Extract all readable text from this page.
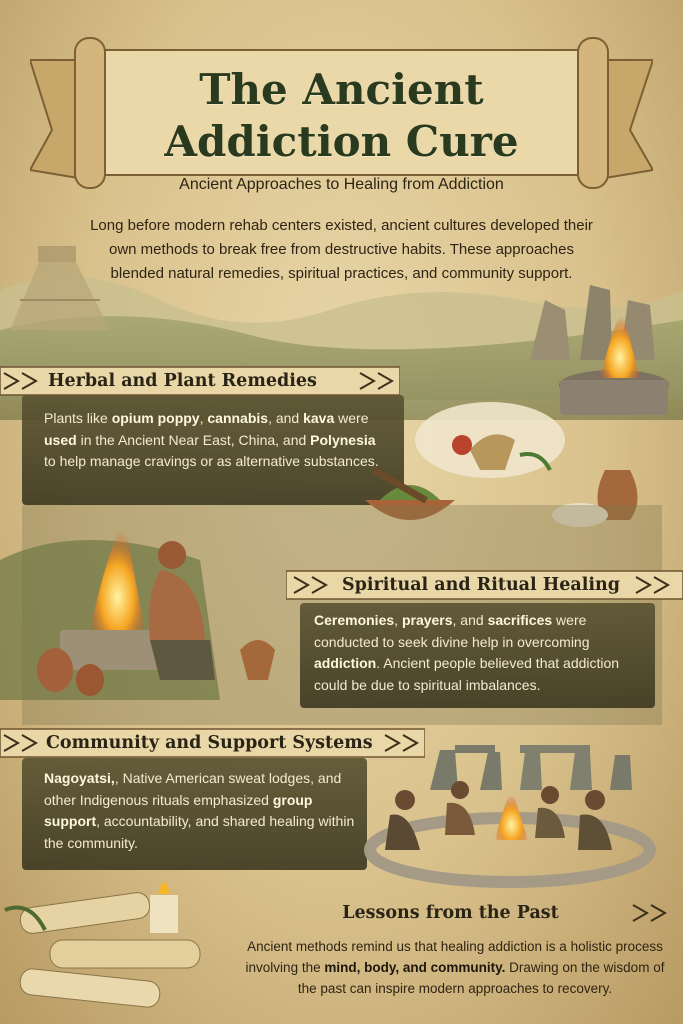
The Ancient
Addiction Cure
Ancient Approaches to Healing from Addiction
Long before modern rehab centers existed, ancient cultures developed their own methods to break free from destructive habits. These approaches blended natural remedies, spiritual practices, and community support.
Herbal and Plant Remedies
Plants like opium poppy, cannabis, and kava were used in the Ancient Near East, China, and Polynesia to help manage cravings or as alternative substances.
Spiritual and Ritual Healing
Ceremonies, prayers, and sacrifices were conducted to seek divine help in overcoming addiction. Ancient people believed that addiction could be due to spiritual imbalances.
Community and Support Systems
Nagoyatsi,, Native American sweat lodges, and other Indigenous rituals emphasized group support, accountability, and shared healing within the community.
Lessons from the Past
Ancient methods remind us that healing addiction is a holistic process involving the mind, body, and community. Drawing on the wisdom of the past can inspire modern approaches to recovery.
